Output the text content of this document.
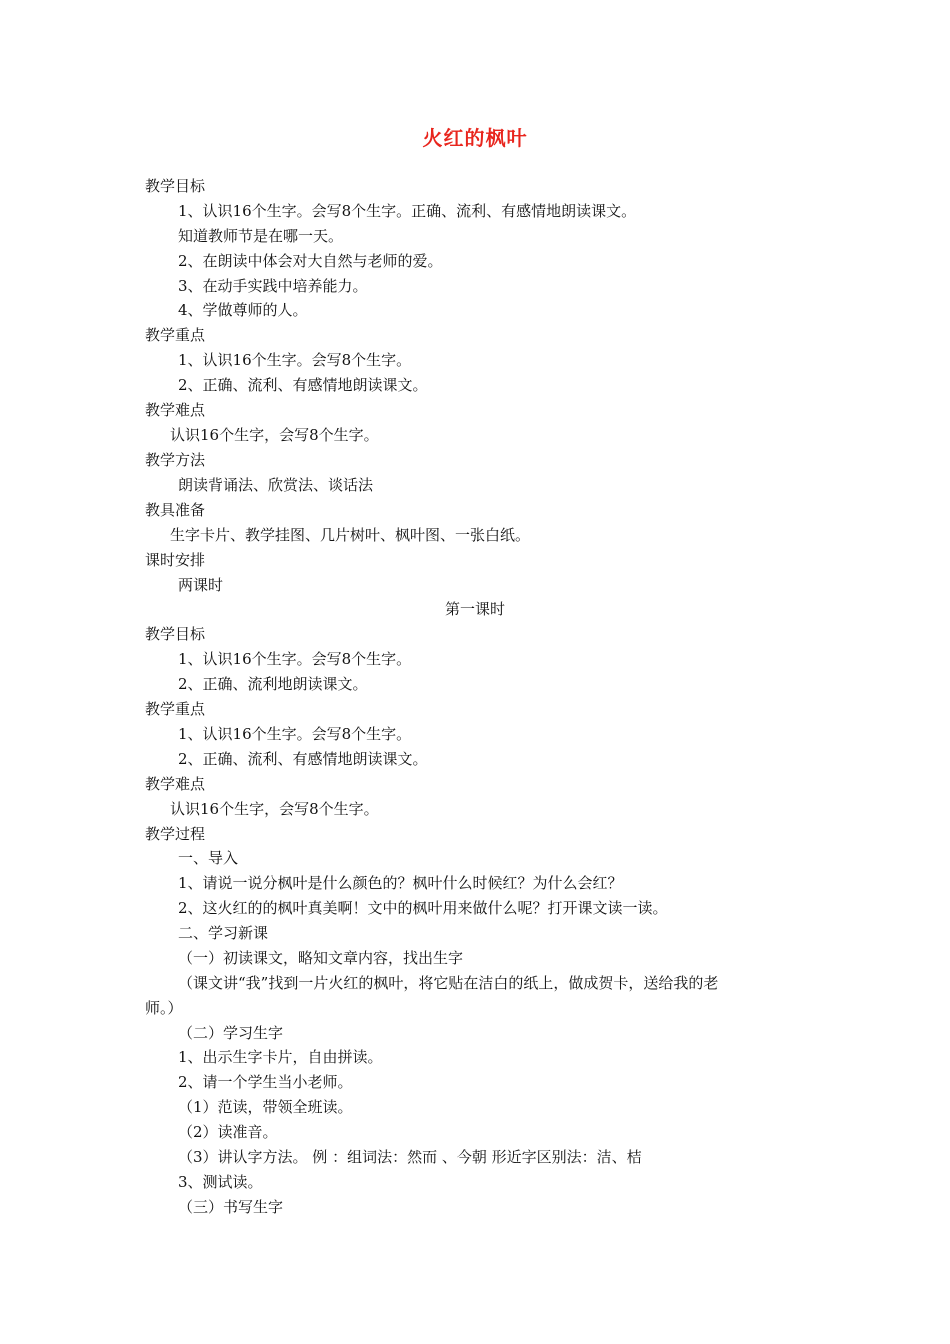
火红的枫叶
教学目标
1、认识16个生字。会写8个生字。正确、流利、有感情地朗读课文。
知道教师节是在哪一天。
2、在朗读中体会对大自然与老师的爱。
3、在动手实践中培养能力。
4、学做尊师的人。
教学重点
1、认识16个生字。会写8个生字。
2、正确、流利、有感情地朗读课文。
教学难点
认识16个生字，会写8个生字。
教学方法
朗读背诵法、欣赏法、谈话法
教具准备
生字卡片、教学挂图、几片树叶、枫叶图、一张白纸。
课时安排
两课时
第一课时
教学目标
1、认识16个生字。会写8个生字。
2、正确、流利地朗读课文。
教学重点
1、认识16个生字。会写8个生字。
2、正确、流利、有感情地朗读课文。
教学难点
认识16个生字，会写8个生字。
教学过程
一、导入
1、请说一说分枫叶是什么颜色的？枫叶什么时候红？为什么会红？
2、这火红的的枫叶真美啊！文中的枫叶用来做什么呢？打开课文读一读。
二、学习新课
（一）初读课文，略知文章内容，找出生字
（课文讲“我”找到一片火红的枫叶，将它贴在洁白的纸上，做成贺卡，送给我的老
师。）
（二）学习生字
1、出示生字卡片，自由拼读。
2、请一个学生当小老师。
（1）范读，带领全班读。
（2）读准音。
（3）讲认字方法。 例 ：组词法：然而 、今朝 形近字区别法：洁、桔
3、测试读。
（三）书写生字
